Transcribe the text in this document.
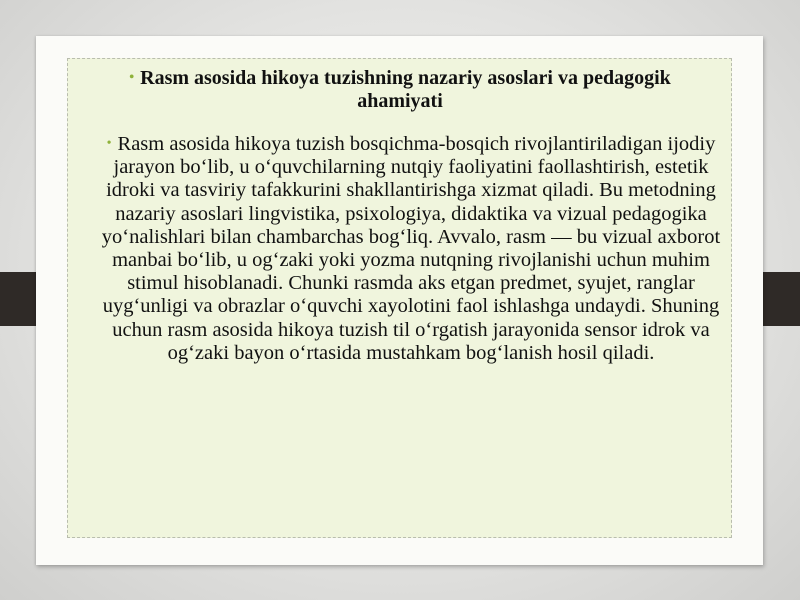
• Rasm asosida hikoya tuzishning nazariy asoslari va pedagogik ahamiyati

• Rasm asosida hikoya tuzish bosqichma-bosqich rivojlantiriladigan ijodiy jarayon bo‘lib, u o‘quvchilarning nutqiy faoliyatini faollashtirish, estetik idroki va tasviriy tafakkurini shakllantirishga xizmat qiladi. Bu metodning nazariy asoslari lingvistika, psixologiya, didaktika va vizual pedagogika yo‘nalishlari bilan chambarchas bog‘liq. Avvalo, rasm — bu vizual axborot manbai bo‘lib, u og‘zaki yoki yozma nutqning rivojlanishi uchun muhim stimul hisoblanadi. Chunki rasmda aks etgan predmet, syujet, ranglar uyg‘unligi va obrazlar o‘quvchi xayolotini faol ishlashga undaydi. Shuning uchun rasm asosida hikoya tuzish til o‘rgatish jarayonida sensor idrok va og‘zaki bayon o‘rtasida mustahkam bog‘lanish hosil qiladi.
